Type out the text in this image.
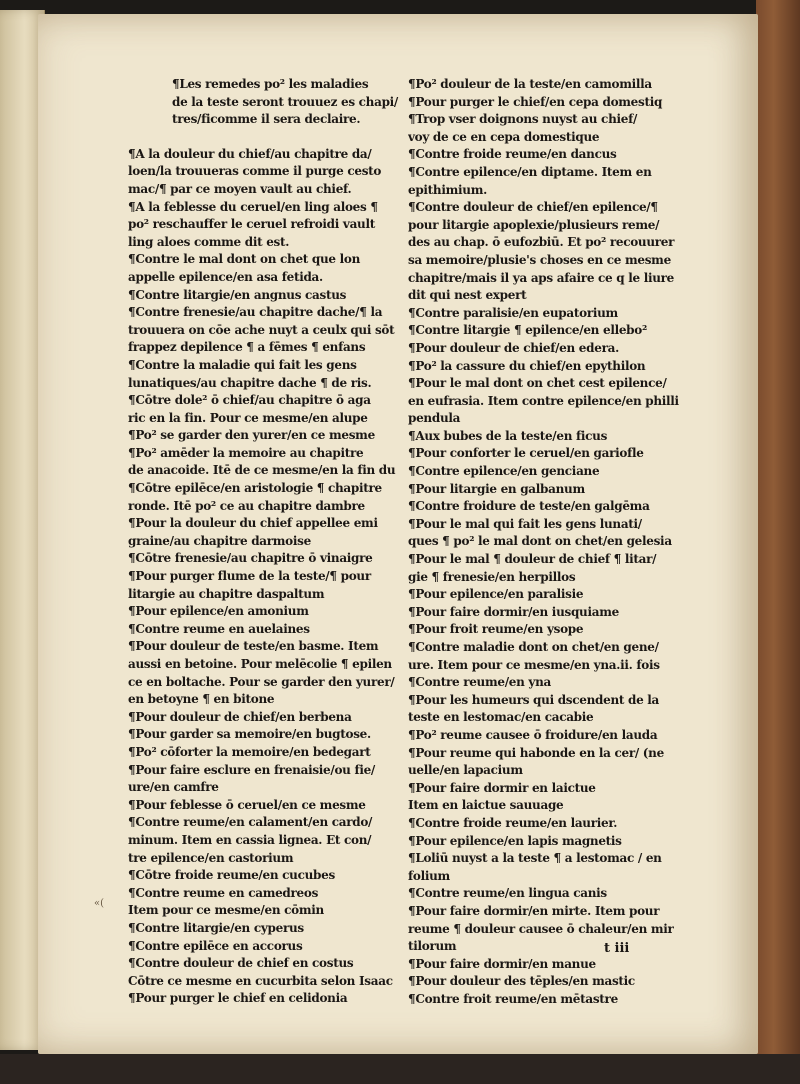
¶Les remedes po² les maladies
de la teste seront trouuez es chapi/
tres/ficomme il sera declaire.
¶A la douleur du chief/au chapitre da/
loen/la trouueras comme il purge cesto
mac/¶ par ce moyen vault au chief.
¶A la feblesse du ceruel/en ling aloes ¶
po² reschauffer le ceruel refroidi vault
ling aloes comme dit est.
¶Contre le mal dont on chet que lon
appelle epilence/en asa fetida.
¶Contre litargie/en angnus castus
¶Contre frenesie/au chapitre dache/¶ la
trouuera on cōe ache nuyt a ceulx qui sōt
frappez depilence ¶ a fēmes ¶ enfans
¶Contre la maladie qui fait les gens
lunatiques/au chapitre dache ¶ de ris.
¶Cōtre dole² ō chief/au chapitre ō aga
ric en la fin. Pour ce mesme/en alupe
¶Po² se garder den yurer/en ce mesme
¶Po² amēder la memoire au chapitre
de anacoide. Itē de ce mesme/en la fin du
¶Cōtre epilēce/en aristologie ¶ chapitre
ronde. Itē po² ce au chapitre dambre
¶Pour la douleur du chief appellee emi
graine/au chapitre darmoise
¶Cōtre frenesie/au chapitre ō vinaigre
¶Pour purger flume de la teste/¶ pour
litargie au chapitre daspaltum
¶Pour epilence/en amonium
¶Contre reume en auelaines
¶Pour douleur de teste/en basme. Item
aussi en betoine. Pour melēcolie ¶ epilen
ce en boltache. Pour se garder den yurer/
en betoyne ¶ en bitone
¶Pour douleur de chief/en berbena
¶Pour garder sa memoire/en bugtose.
¶Po² cōforter la memoire/en bedegart
¶Pour faire esclure en frenaisie/ou fie/
ure/en camfre
¶Pour feblesse ō ceruel/en ce mesme
¶Contre reume/en calament/en cardo/
minum. Item en cassia lignea. Et con/
tre epilence/en castorium
¶Cōtre froide reume/en cucubes
¶Contre reume en camedreos
Item pour ce mesme/en cōmin
¶Contre litargie/en cyperus
¶Contre epilēce en accorus
¶Contre douleur de chief en costus
Cōtre ce mesme en cucurbita selon Isaac
¶Pour purger le chief en celidonia
¶Po² douleur de la teste/en camomilla
¶Pour purger le chief/en cepa domestiq
¶Trop vser doignons nuyst au chief/
voy de ce en cepa domestique
¶Contre froide reume/en dancus
¶Contre epilence/en diptame. Item en
epithimium.
¶Contre douleur de chief/en epilence/¶
pour litargie apoplexie/plusieurs reme/
des au chap. ō eufozbiū. Et po² recouurer
sa memoire/plusie's choses en ce mesme
chapitre/mais il ya aps afaire ce q le liure
dit qui nest expert
¶Contre paralisie/en eupatorium
¶Contre litargie ¶ epilence/en ellebo²
¶Pour douleur de chief/en edera.
¶Po² la cassure du chief/en epythilon
¶Pour le mal dont on chet cest epilence/
en eufrasia. Item contre epilence/en philli
pendula
¶Aux bubes de la teste/en ficus
¶Pour conforter le ceruel/en gariofle
¶Contre epilence/en genciane
¶Pour litargie en galbanum
¶Contre froidure de teste/en galgēma
¶Pour le mal qui fait les gens lunati/
ques ¶ po² le mal dont on chet/en gelesia
¶Pour le mal ¶ douleur de chief ¶ litar/
gie ¶ frenesie/en herpillos
¶Pour epilence/en paralisie
¶Pour faire dormir/en iusquiame
¶Pour froit reume/en ysope
¶Contre maladie dont on chet/en gene/
ure. Item pour ce mesme/en yna.ii. fois
¶Contre reume/en yna
¶Pour les humeurs qui dscendent de la
teste en lestomac/en cacabie
¶Po² reume causee ō froidure/en lauda
¶Pour reume qui habonde en la cer/ (ne
uelle/en lapacium
¶Pour faire dormir en laictue
Item en laictue sauuage
¶Contre froide reume/en laurier.
¶Pour epilence/en lapis magnetis
¶Loliū nuyst a la teste ¶ a lestomac / en
folium
¶Contre reume/en lingua canis
¶Pour faire dormir/en mirte. Item pour
reume ¶ douleur causee ō chaleur/en mir
tilorum
¶Pour faire dormir/en manue
¶Pour douleur des tēples/en mastic
¶Contre froit reume/en mētastre
«(
t iii
